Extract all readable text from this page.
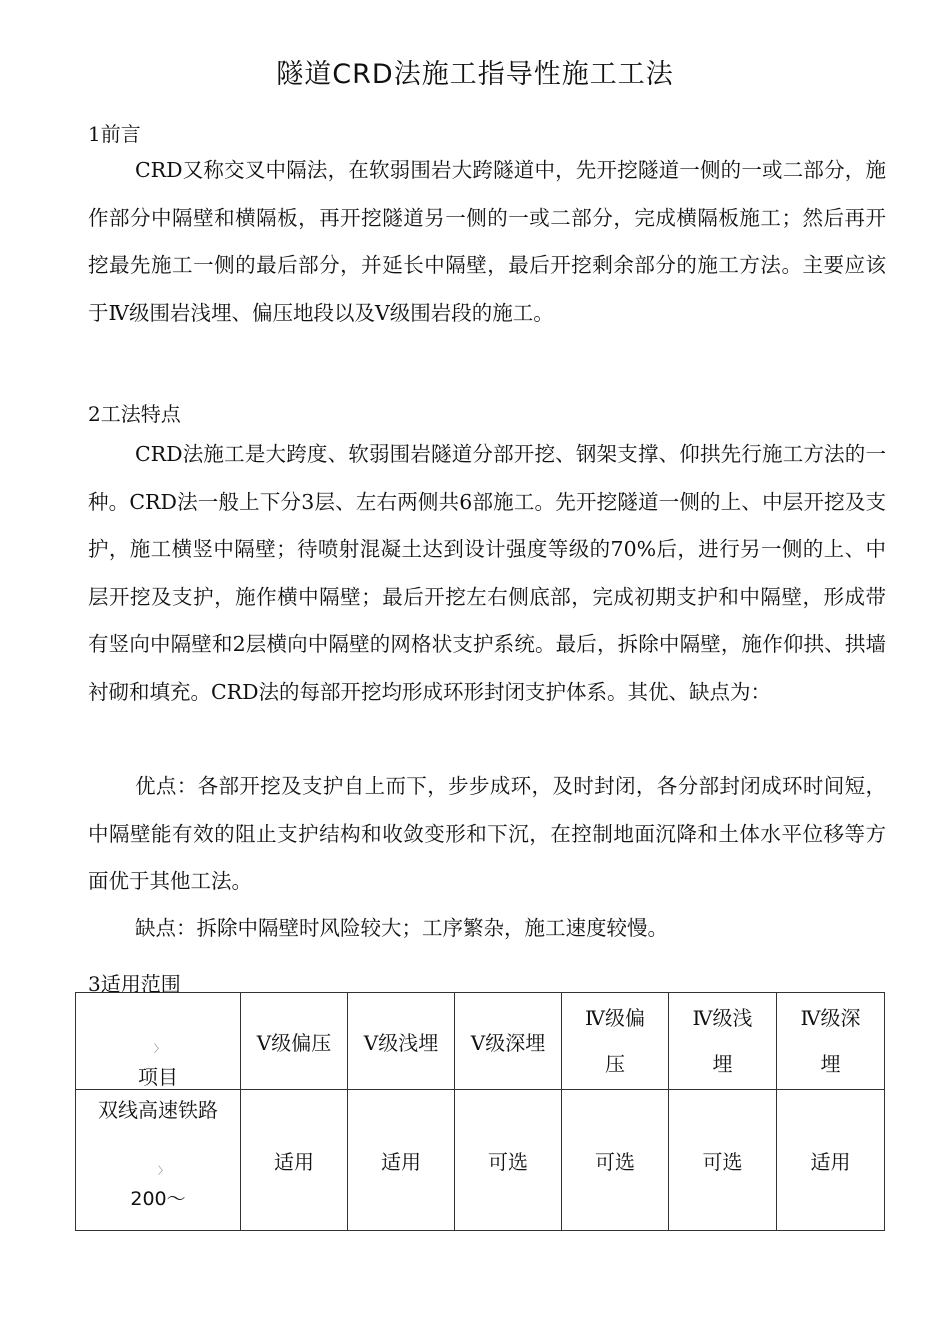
隧道CRD法施工指导性施工工法
1前言

CRD又称交叉中隔法，在软弱围岩大跨隧道中，先开挖隧道一侧的一或二部分，施作部分中隔壁和横隔板，再开挖隧道另一侧的一或二部分，完成横隔板施工；然后再开挖最先施工一侧的最后部分，并延长中隔壁，最后开挖剩余部分的施工方法。主要应该于Ⅳ级围岩浅埋、偏压地段以及Ⅴ级围岩段的施工。

2工法特点

CRD法施工是大跨度、软弱围岩隧道分部开挖、钢架支撑、仰拱先行施工方法的一种。CRD法一般上下分3层、左右两侧共6部施工。先开挖隧道一侧的上、中层开挖及支护，施工横竖中隔壁；待喷射混凝土达到设计强度等级的70%后，进行另一侧的上、中层开挖及支护，施作横中隔壁；最后开挖左右侧底部，完成初期支护和中隔壁，形成带有竖向中隔壁和2层横向中隔壁的网格状支护系统。最后，拆除中隔壁，施作仰拱、拱墙衬砌和填充。CRD法的每部开挖均形成环形封闭支护体系。其优、缺点为：

优点：各部开挖及支护自上而下，步步成环，及时封闭，各分部封闭成环时间短，中隔壁能有效的阻止支护结构和收敛变形和下沉，在控制地面沉降和土体水平位移等方面优于其他工法。

缺点：拆除中隔壁时风险较大；工序繁杂，施工速度较慢。

3适用范围
〉
项目	Ⅴ级偏压	Ⅴ级浅埋	Ⅴ级深埋	Ⅳ级偏压	Ⅳ级浅埋	Ⅳ级深埋

双线高速铁路
〉
200〜	适用	适用	可选	可选	可选	适用
